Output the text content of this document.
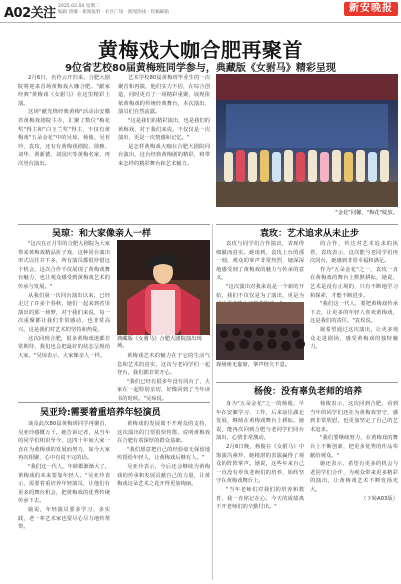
A02关注 2025.02.04 星期二
编辑 唐娜 · 新闻报料 · 社区广场 · 新闻热线 · 投稿邮箱	新安晚报
黄梅戏大咖合肥再聚首
9位省艺校80届黄梅班同学参与，典藏版《女驸马》精彩呈现

2月6日，名伶云开归来，合肥大剧院将迎来首场黄梅戏大咖合肥。"献家经典"黄梅戏《女驸马》在这里精彩上演。

这场"献光绕经典黄梅"活动由安徽省黄梅戏剧院主办，汇聚了数位"梅花奖"得主和"白玉兰奖"得主，不仅有黄梅戏"五朵金花"中的吴琼、杨俊、吴亚玲、袁玫，还有有黄梅戏剧院、徐雅、刘华、黄新德、刘国庆等黄梅名家，再次登台演出。

艺术学校80届黄梅班毕业生的一次聚首和再演，他们实力不俗，在综合创造，同时更有了一场精彩重聚，展现依依黄梅戏的传统经典舞台，本次演出，演员们自然流露。

"这是我们的精彩演出，也是我们的黄梅戏，对于我们来说，不仅仅是一次演出，更是一次情感和记忆。"

是怎样黄梅戏大咖在合肥大剧院同台演出，这台经典黄梅剧的精彩，将带来怎样的精彩舞台和艺术魅力。

"金花"同馨，"梅花"绽放。
吴琼：和大家像亲人一样

"这次在正月里的合肥大剧院为大家带来黄梅戏精品折子戏，这种同台演出形式以往并不多，所有演员都很珍惜这个机会，这次合作不仅展现了黄梅戏舞台魅力，也让观众感受到黄梅戏艺术的传承与发展。"

从我们第一次同台演出以来，已经走过了许多个春秋，她们一起来到省里演出的那一场梦，对于我们来说，每一次重聚都让我们非常感动，也非常高兴，这是我们对艺术的坚持和热爱。

这次回到合肥，很多黄梅戏迷都非常期待，我们也会把最好的状态呈现给大家。"吴琼表示，大家像亲人一样。

典藏版《女驸马》合肥大剧院演出现场。

黄梅戏艺术的魅力在于它的生活气息和艺术的真实，这次与老同学们一起登台，我们都非常开心。

"我们已经有很多年没有同台了，大家在一起特别亲切，好像回到了当年读书的时候。"吴琼说。

吴亚玲:需要着重培养年轻演员

谈及此次80届黄梅班同学再聚首，吴亚玲感慨万千。她告诉记者，从当年的同学们相识至今，这四十年间大家一直在为黄梅戏的发展而努力，如今大家再次相聚，心中有说不完的话。

"我们这一代人，年龄都渐渐大了，黄梅戏的未来要靠年轻人。"吴亚玲表示，需要着重培养年轻演员，让他们有更多的舞台机会，把黄梅戏的优秀传统传承下去。

她说，年轻演员要多学习、多实践，老一辈艺术家也要尽心尽力地传帮带。

黄梅戏的发展离不开观众的支持，这次演出的门票很快售罄，说明黄梅戏在合肥有着深厚的群众基础。

"我们愿意把自己的经验毫无保留地传授给年轻人，让黄梅戏后继有人。"

吴亚玲表示，今后还会继续为黄梅戏的传承和发展贡献自己的力量，让黄梅戏这朵艺术之花开得更加绚丽。

袁玫：艺术追求从未止步

袁玫与同学们合作演出，表现得细腻而真实。她谈到，袁玫上台的那一刻，观众的掌声非常热烈，她深深地感受到了黄梅戏的魅力与传承的意义。

"这次演出对我来说是一个新的开始，我们不仅仅是为了演出，更是为

现场座无虚席，掌声经久不息。

的合作，传达对艺术追求的执着，袁玫表示，这次能与老同学们再次同台，她感到非常幸福和满足。

作为"五朵金花"之一，袁玫一直在黄梅戏的舞台上默默耕耘，她说，艺术是没有止境的，只有不断地学习和探索，才能不断进步。

"我们这一代人，要把黄梅戏传承下去，让更多的年轻人喜欢黄梅戏，这是我们的责任。"袁玫说。

她希望通过这次演出，让更多观众走进剧场，感受黄梅戏的独特魅力。

杨俊：没有辜负老师的培养

身为"五朵金花"之一的杨俊，早年在安徽学习、工作，后来前往湖北发展，继续在黄梅戏舞台上耕耘。她说，能再次回到合肥与老同学们同台演出，心情非常激动。

2月6日晚，杨俊在《女驸马》中饰演冯素珍，她精湛的表演赢得了观众的阵阵掌声。她说，这些年来自己一直没有辜负老师们的培养，始终坚守在黄梅戏舞台上。

"当年老师们对我们的培养和教育，我一直铭记在心，今天的成绩离不开老师们的辛勤付出。"

杨俊表示，这次回到合肥，看到当年的同学们还在为黄梅戏坚守，感到非常欣慰，也更加坚定了自己的艺术追求。

"我们要继续努力，在黄梅戏的舞台上不断创新，把更多优秀的作品奉献给观众。"

她还表示，希望有更多的机会与老同学们合作，为观众带来更多精彩的演出，让黄梅戏艺术不断发扬光大。

（下转A03版）
